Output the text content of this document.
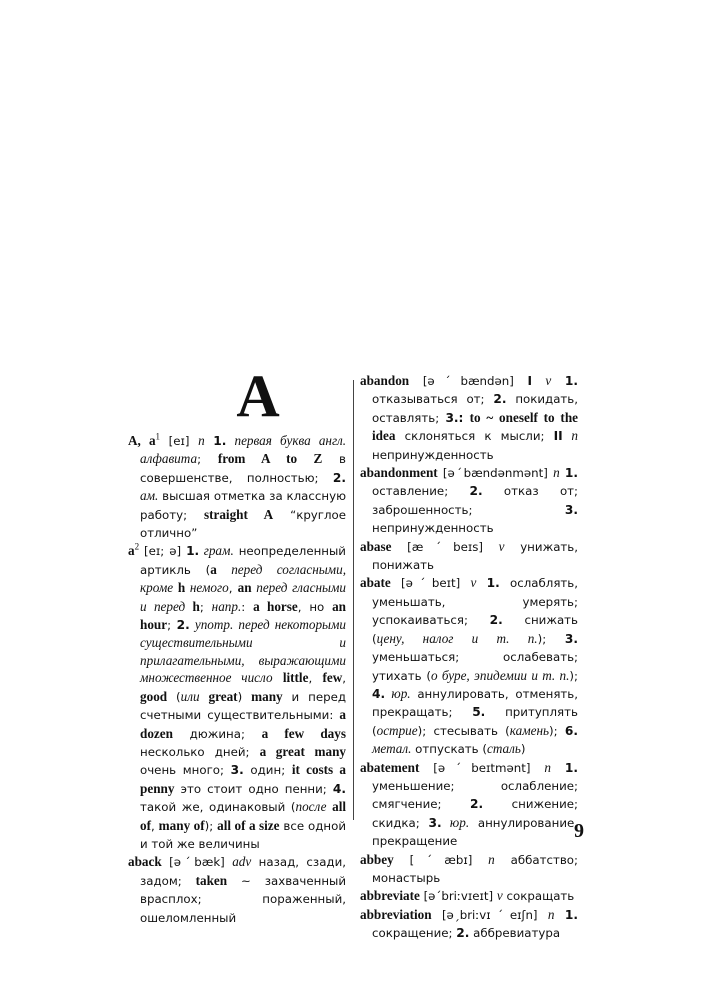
A

A, $a^1$ [eɪ] n 1. первая буква англ. алфавита; from A to Z в совершенстве, полностью; 2. ам. высшая отметка за классную работу; straight A “круглое отлично”

$a^2$ [eɪ; ə] 1. грам. неопределенный артикль (a перед согласными, кроме h немого, an перед гласными и перед h; напр.: a horse, но an hour; 2. употр. перед некоторыми существительными и прилагательными, выражающими множественное число little, few, good (или great) many и перед счетными существительными: a dozen дюжина; a few days несколько дней; a great many очень много; 3. один; it costs a penny это стоит одно пенни; 4. такой же, одинаковый (после all of, many of); all of a size все одной и той же величины

aback [əˊbæk] adv назад, сзади, задом; taken ~ захваченный врасплох; пораженный, ошеломленный

abandon [əˊbændən] I v 1. отказываться от; 2. покидать, оставлять; 3.: to ~ oneself to the idea склоняться к мысли; II n непринужденность

abandonment [əˊbændənmənt] n 1. оставление; 2. отказ от; заброшенность; 3. непринужденность

abase [æˊbeɪs] v унижать, понижать

abate [əˊbeɪt] v 1. ослаблять, уменьшать, умерять; успокаиваться; 2. снижать (цену, налог и т. п.); 3. уменьшаться; ослабевать; утихать (о буре, эпидемии и т. п.); 4. юр. аннулировать, отменять, прекращать; 5. притуплять (острие); стесывать (камень); 6. метал. отпускать (сталь)

abatement [əˊbeɪtmənt] n 1. уменьшение; ослабление; смягчение; 2. снижение; скидка; 3. юр. аннулирование, прекращение

abbey [ˊæbɪ] n аббатство; монастырь

abbreviate [əˊbriːvɪeɪt] v сокращать

abbreviation [əˏbriːvɪˊeɪʃn] n 1. сокращение; 2. аббревиатура

9
